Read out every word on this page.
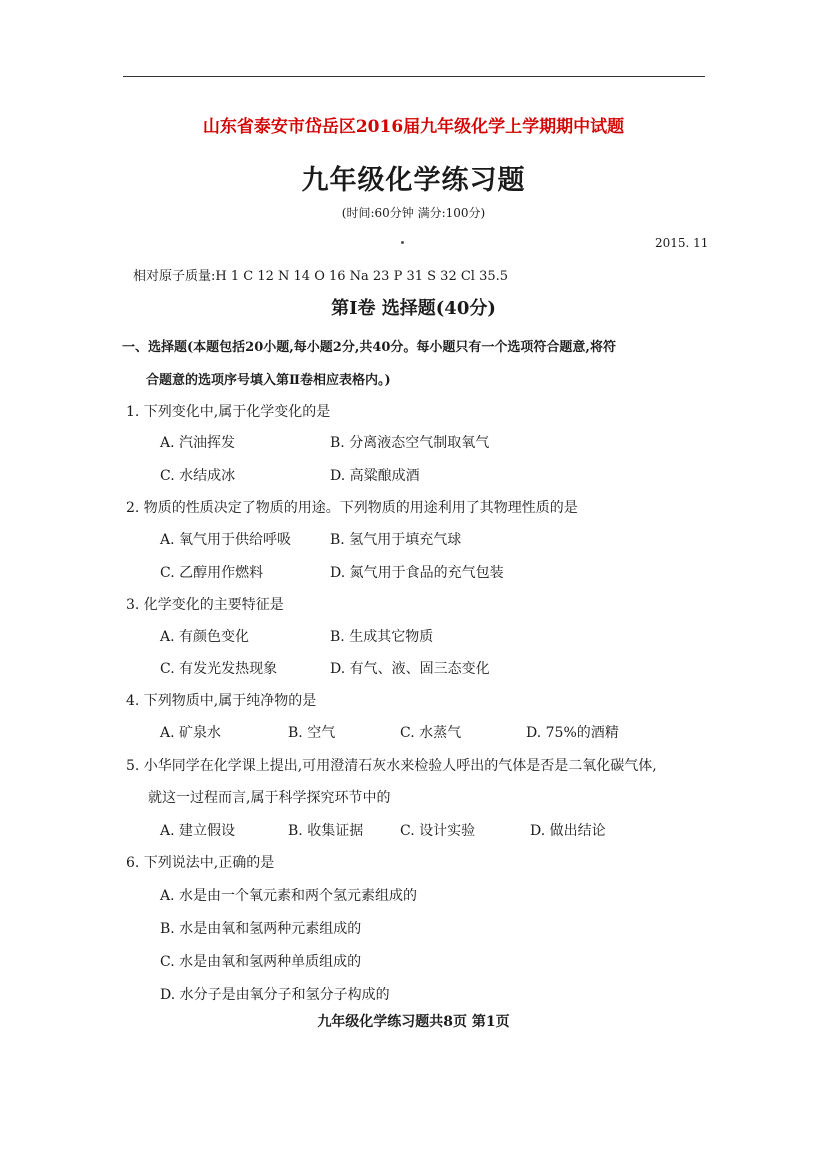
山东省泰安市岱岳区2016届九年级化学上学期期中试题
九年级化学练习题
(时间:60分钟 满分:100分)
2015. 11
相对原子质量:H 1 C 12 N 14 O 16 Na 23 P 31 S 32 Cl 35.5
第Ⅰ卷 选择题(40分)
一、选择题(本题包括20小题,每小题2分,共40分。每小题只有一个选项符合题意,将符
合题意的选项序号填入第Ⅱ卷相应表格内。)
1. 下列变化中,属于化学变化的是
A. 汽油挥发	B. 分离液态空气制取氧气
C. 水结成冰	D. 高粱酿成酒
2. 物质的性质决定了物质的用途。下列物质的用途利用了其物理性质的是
A. 氧气用于供给呼吸	B. 氢气用于填充气球
C. 乙醇用作燃料	D. 氮气用于食品的充气包装
3. 化学变化的主要特征是
A. 有颜色变化	B. 生成其它物质
C. 有发光发热现象	D. 有气、液、固三态变化
4. 下列物质中,属于纯净物的是
A. 矿泉水	B. 空气	C. 水蒸气	D. 75%的酒精
5. 小华同学在化学课上提出,可用澄清石灰水来检验人呼出的气体是否是二氧化碳气体,
就这一过程而言,属于科学探究环节中的
A. 建立假设	B. 收集证据	C. 设计实验	D. 做出结论
6. 下列说法中,正确的是
A. 水是由一个氧元素和两个氢元素组成的
B. 水是由氧和氢两种元素组成的
C. 水是由氧和氢两种单质组成的
D. 水分子是由氧分子和氢分子构成的
九年级化学练习题共8页 第1页
